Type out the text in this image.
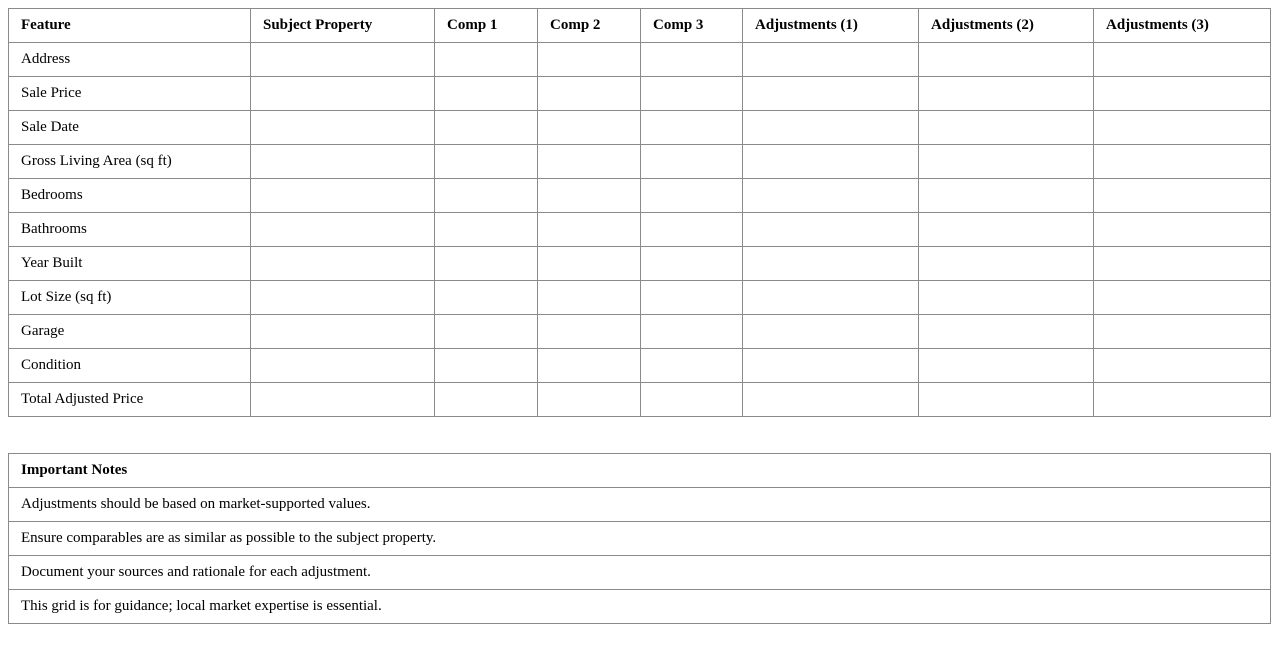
Feature	Subject Property	Comp 1	Comp 2	Comp 3	Adjustments (1)	Adjustments (2)	Adjustments (3)
Address							
Sale Price							
Sale Date							
Gross Living Area (sq ft)							
Bedrooms							
Bathrooms							
Year Built							
Lot Size (sq ft)							
Garage							
Condition							
Total Adjusted Price							
Important Notes
Adjustments should be based on market-supported values.
Ensure comparables are as similar as possible to the subject property.
Document your sources and rationale for each adjustment.
This grid is for guidance; local market expertise is essential.
